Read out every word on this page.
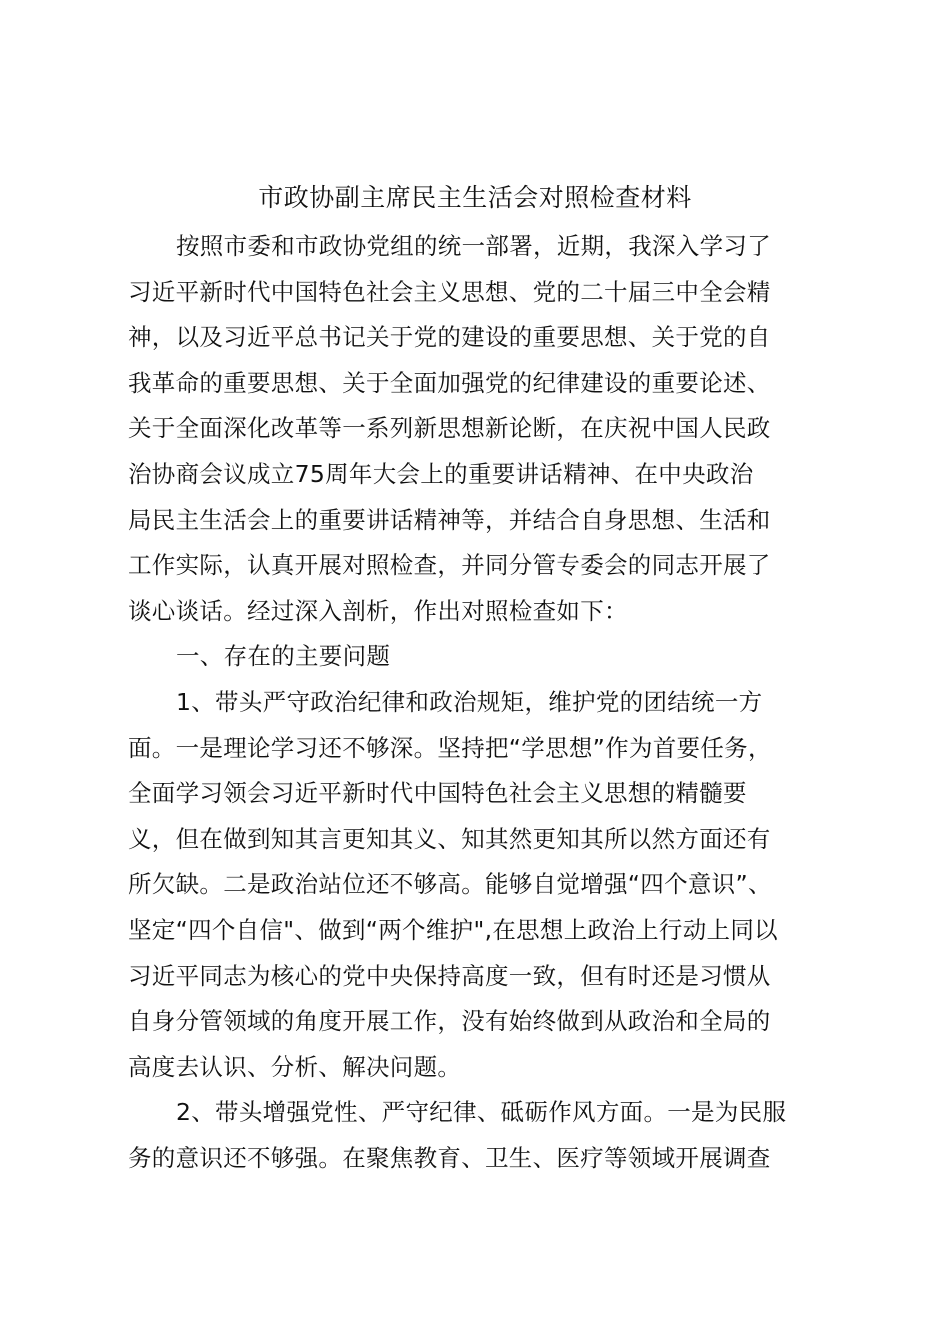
市政协副主席民主生活会对照检查材料
按照市委和市政协党组的统一部署，近期，我深入学习了
习近平新时代中国特色社会主义思想、党的二十届三中全会精
神，以及习近平总书记关于党的建设的重要思想、关于党的自
我革命的重要思想、关于全面加强党的纪律建设的重要论述、
关于全面深化改革等一系列新思想新论断，在庆祝中国人民政
治协商会议成立75周年大会上的重要讲话精神、在中央政治
局民主生活会上的重要讲话精神等，并结合自身思想、生活和
工作实际，认真开展对照检查，并同分管专委会的同志开展了
谈心谈话。经过深入剖析，作出对照检查如下：
一、存在的主要问题
1、带头严守政治纪律和政治规矩，维护党的团结统一方
面。一是理论学习还不够深。坚持把“学思想”作为首要任务，
全面学习领会习近平新时代中国特色社会主义思想的精髓要
义，但在做到知其言更知其义、知其然更知其所以然方面还有
所欠缺。二是政治站位还不够高。能够自觉增强“四个意识”、
坚定“四个自信"、做到“两个维护",在思想上政治上行动上同以
习近平同志为核心的党中央保持高度一致，但有时还是习惯从
自身分管领域的角度开展工作，没有始终做到从政治和全局的
高度去认识、分析、解决问题。
2、带头增强党性、严守纪律、砥砺作风方面。一是为民服
务的意识还不够强。在聚焦教育、卫生、医疗等领域开展调查
